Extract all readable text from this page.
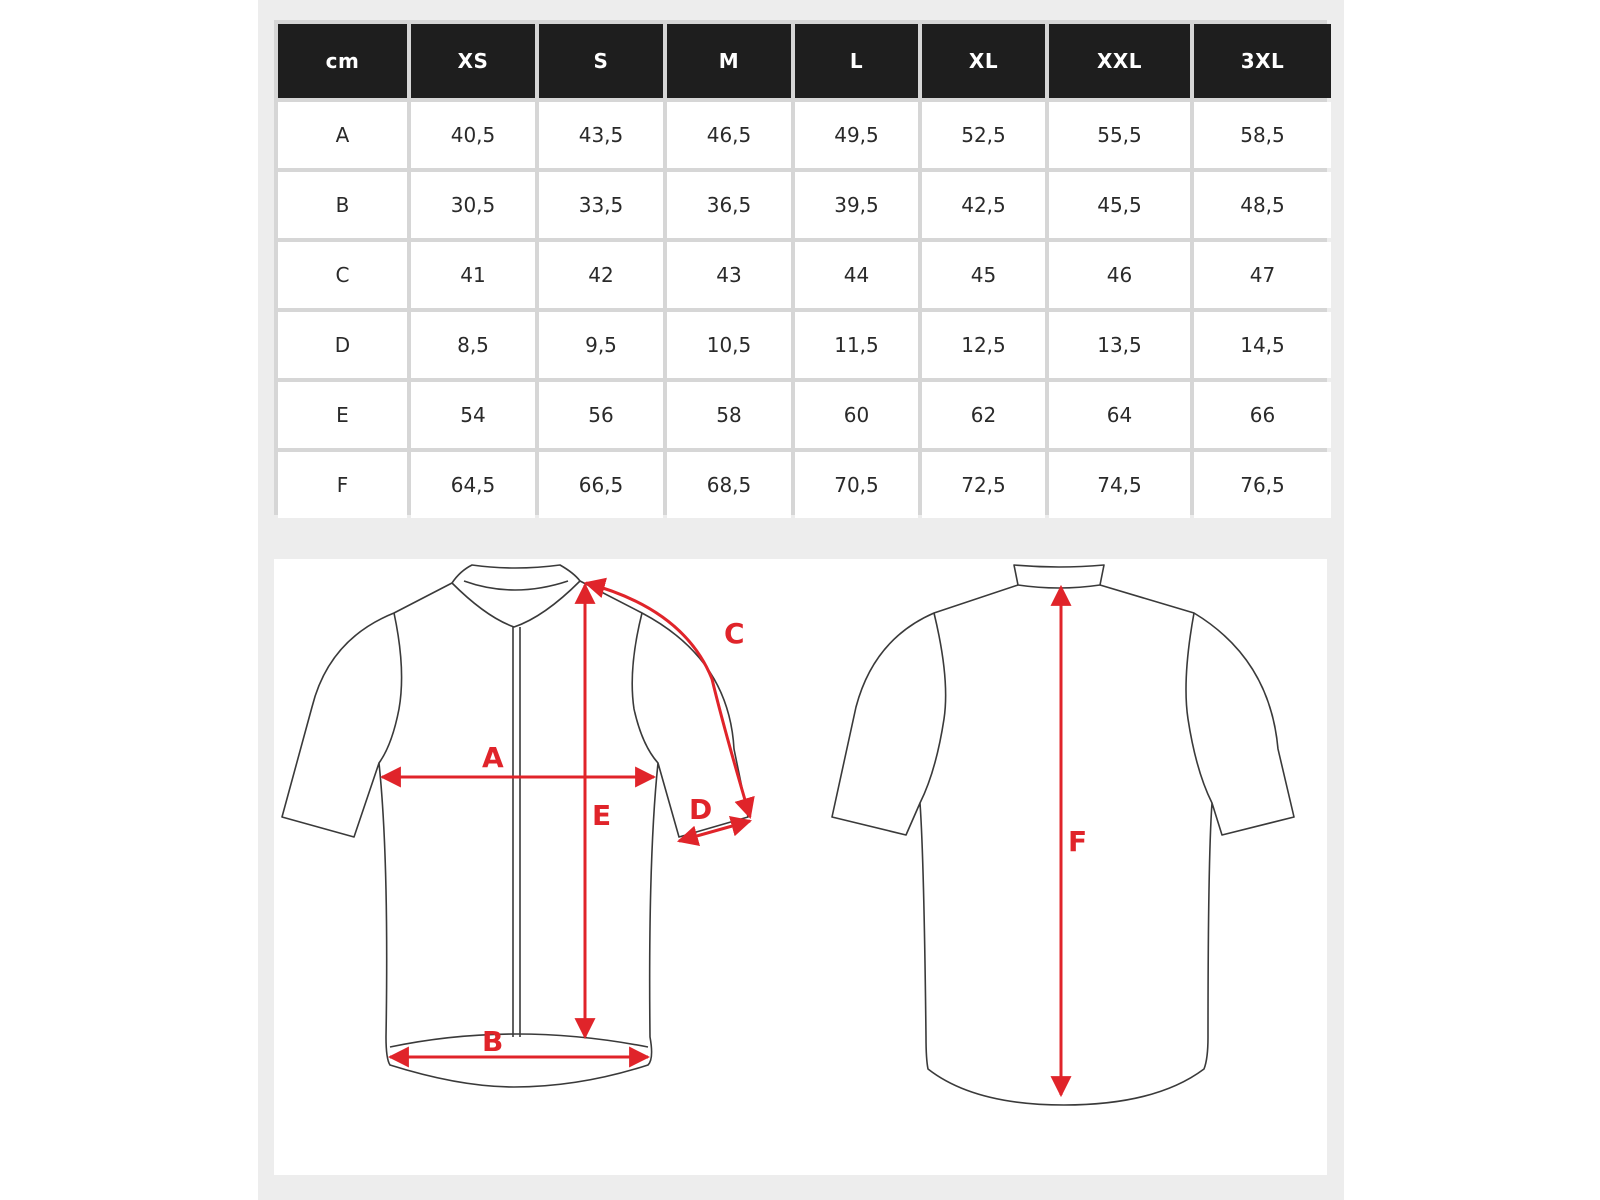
cm	XS	S	M	L	XL	XXL	3XL
A	40,5	43,5	46,5	49,5	52,5	55,5	58,5
B	30,5	33,5	36,5	39,5	42,5	45,5	48,5
C	41	42	43	44	45	46	47
D	8,5	9,5	10,5	11,5	12,5	13,5	14,5
E	54	56	58	60	62	64	66
F	64,5	66,5	68,5	70,5	72,5	74,5	76,5
A
B
C
D
E
F
